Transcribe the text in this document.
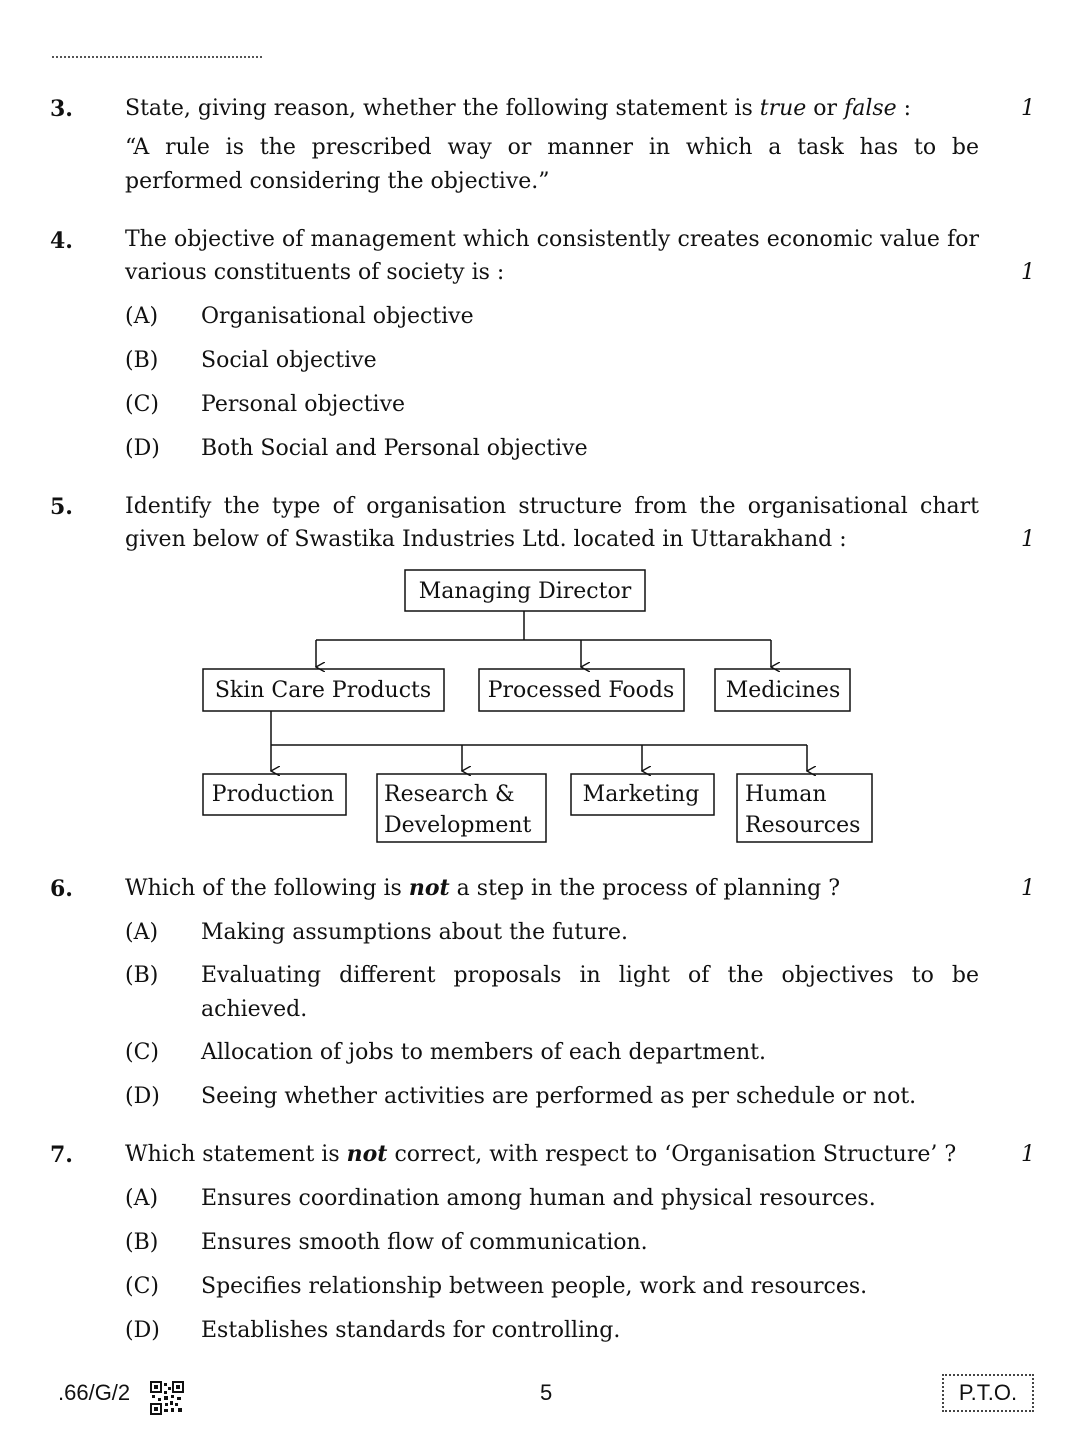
3. State, giving reason, whether the following statement is true or false :	1
“A rule is the prescribed way or manner in which a task has to be performed considering the objective.”
4. The objective of management which consistently creates economic value for various constituents of society is :	1
(A) Organisational objective
(B) Social objective
(C) Personal objective
(D) Both Social and Personal objective
5. Identify the type of organisation structure from the organisational chart given below of Swastika Industries Ltd. located in Uttarakhand :	1
Managing Director
Skin Care Products	Processed Foods Medicines
Production Research &
Development
Marketing Human
Resources
6. Which of the following is not a step in the process of planning ?	1
(A) Making assumptions about the future.
(B) Evaluating different proposals in light of the objectives to be achieved.
(C) Allocation of jobs to members of each department.
(D) Seeing whether activities are performed as per schedule or not.
7. Which statement is not correct, with respect to ‘Organisation Structure’ ?	1
(A) Ensures coordination among human and physical resources.
(B) Ensures smooth flow of communication.
(C) Specifies relationship between people, work and resources.
(D) Establishes standards for controlling.
.66/G/2	5	P.T.O.
